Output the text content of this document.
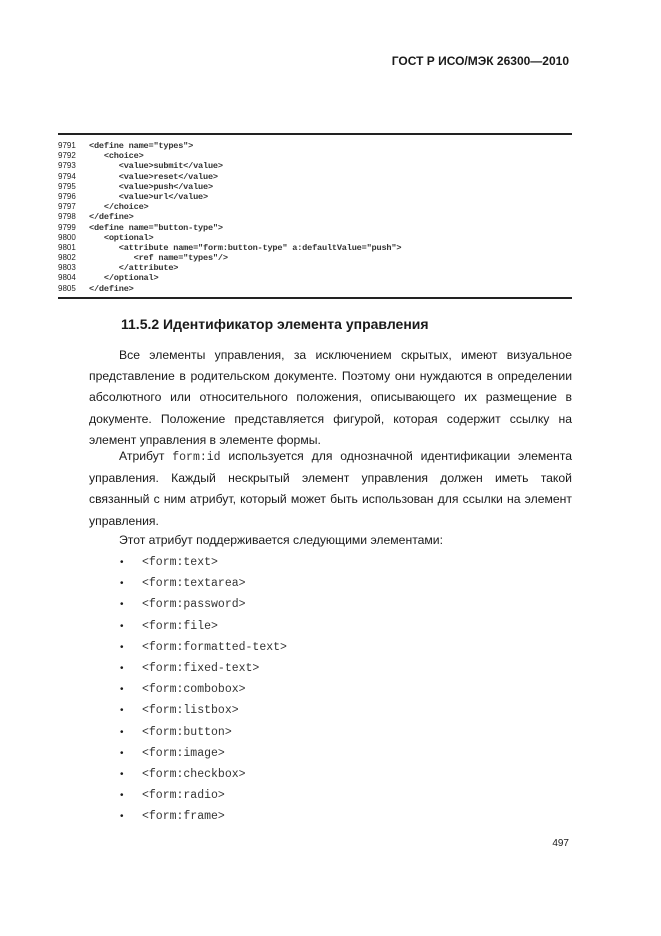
ГОСТ Р ИСО/МЭК 26300—2010
9791	<define name="types">
9792	<choice>
9793	<value>submit</value>
9794	<value>reset</value>
9795	<value>push</value>
9796	<value>url</value>
9797	</choice>
9798	</define>
9799	<define name="button-type">
9800	<optional>
9801	<attribute name="form:button-type" a:defaultValue="push">
9802	<ref name="types"/>
9803	</attribute>
9804	</optional>
9805	</define>
11.5.2 Идентификатор элемента управления

Все элементы управления, за исключением скрытых, имеют визуальное представление в родительском документе. Поэтому они нуждаются в определении абсолютного или относительного положения, описывающего их размещение в документе. Положение представляется фигурой, которая содержит ссылку на элемент управления в элементе формы.

Атрибут form:id используется для однозначной идентификации элемента управления. Каждый нескрытый элемент управления должен иметь такой связанный с ним атрибут, который может быть использован для ссылки на элемент управления.

Этот атрибут поддерживается следующими элементами:

•	<form:text>
•	<form:textarea>
•	<form:password>
•	<form:file>
•	<form:formatted-text>
•	<form:fixed-text>
•	<form:combobox>
•	<form:listbox>
•	<form:button>
•	<form:image>
•	<form:checkbox>
•	<form:radio>
•	<form:frame>
497
